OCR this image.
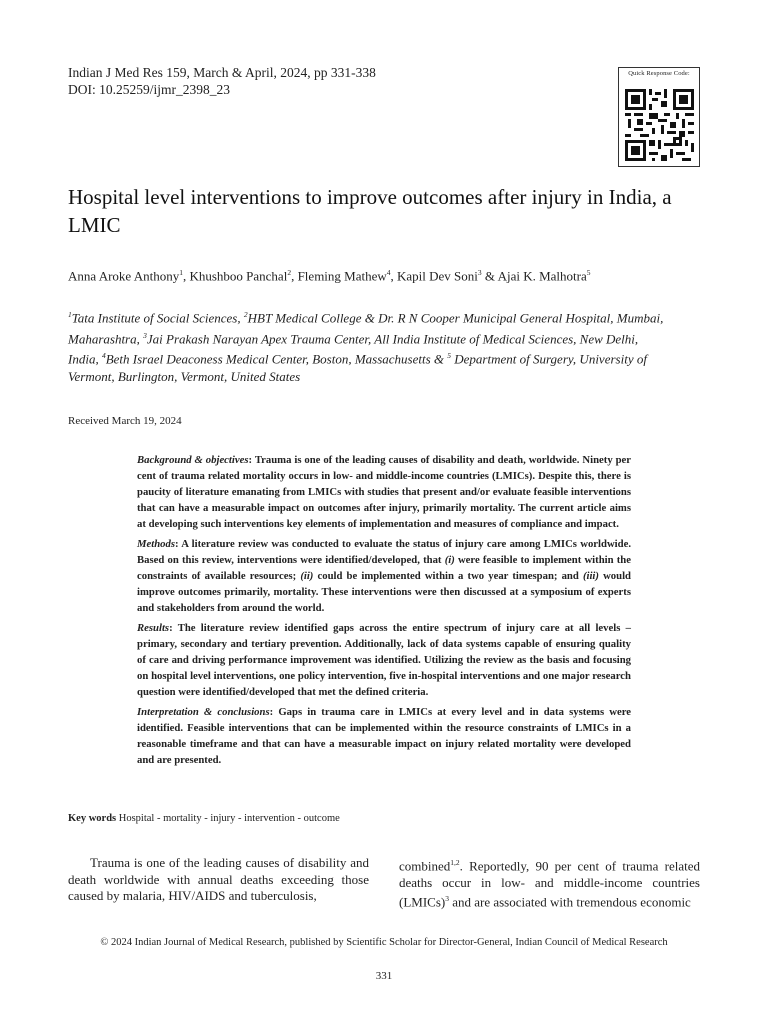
Indian J Med Res 159, March & April, 2024, pp 331-338
DOI: 10.25259/ijmr_2398_23
Quick Response Code:
Hospital level interventions to improve outcomes after injury in India, a LMIC
Anna Aroke Anthony$^1$, Khushboo Panchal$^2$, Fleming Mathew$^4$, Kapil Dev Soni$^3$ & Ajai K. Malhotra$^5$
$^1$Tata Institute of Social Sciences, $^2$HBT Medical College & Dr. R N Cooper Municipal General Hospital, Mumbai, Maharashtra, $^3$Jai Prakash Narayan Apex Trauma Center, All India Institute of Medical Sciences, New Delhi, India, $^4$Beth Israel Deaconess Medical Center, Boston, Massachusetts & $^5$ Department of Surgery, University of Vermont, Burlington, Vermont, United States
Received March 19, 2024

Background & objectives: Trauma is one of the leading causes of disability and death, worldwide. Ninety per cent of trauma related mortality occurs in low- and middle-income countries (LMICs). Despite this, there is paucity of literature emanating from LMICs with studies that present and/or evaluate feasible interventions that can have a measurable impact on outcomes after injury, primarily mortality. The current article aims at developing such interventions key elements of implementation and measures of compliance and impact.

Methods: A literature review was conducted to evaluate the status of injury care among LMICs worldwide. Based on this review, interventions were identified/developed, that (i) were feasible to implement within the constraints of available resources; (ii) could be implemented within a two year timespan; and (iii) would improve outcomes primarily, mortality. These interventions were then discussed at a symposium of experts and stakeholders from around the world.

Results: The literature review identified gaps across the entire spectrum of injury care at all levels – primary, secondary and tertiary prevention. Additionally, lack of data systems capable of ensuring quality of care and driving performance improvement was identified. Utilizing the review as the basis and focusing on hospital level interventions, one policy intervention, five in-hospital interventions and one major research question were identified/developed that met the defined criteria.

Interpretation & conclusions: Gaps in trauma care in LMICs at every level and in data systems were identified. Feasible interventions that can be implemented within the resource constraints of LMICs in a reasonable timeframe and that can have a measurable impact on injury related mortality were developed and are presented.

Key words Hospital - mortality - injury - intervention - outcome

Trauma is one of the leading causes of disability and death worldwide with annual deaths exceeding those caused by malaria, HIV/AIDS and tuberculosis,

combined$^{1,2}$. Reportedly, 90 per cent of trauma related deaths occur in low- and middle-income countries (LMICs)$^3$ and are associated with tremendous economic

© 2024 Indian Journal of Medical Research, published by Scientific Scholar for Director-General, Indian Council of Medical Research
331
